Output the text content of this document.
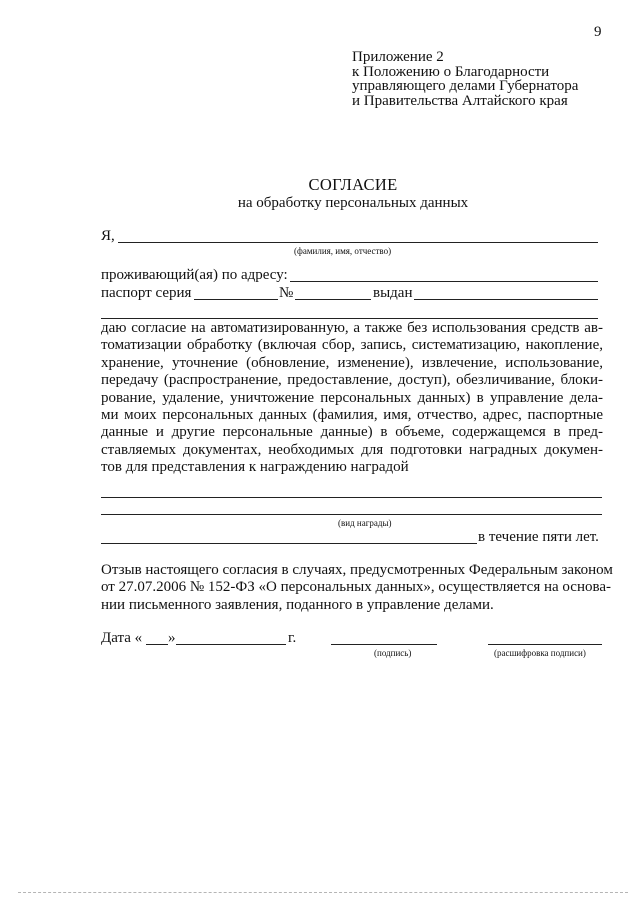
9
Приложение 2
к Положению о Благодарности
управляющего делами Губернатора
и Правительства Алтайского края
СОГЛАСИЕ
на обработку персональных данных
Я,
(фамилия, имя, отчество)
проживающий(ая) по адресу:
паспорт серия	№	выдан
даю согласие на автоматизированную, а также без использования средств ав-
томатизации обработку (включая сбор, запись, систематизацию, накопление,
хранение, уточнение (обновление, изменение), извлечение, использование,
передачу (распространение, предоставление, доступ), обезличивание, блоки-
рование, удаление, уничтожение персональных данных) в управление дела-
ми моих персональных данных (фамилия, имя, отчество, адрес, паспортные
данные и другие персональные данные) в объеме, содержащемся в пред-
ставляемых документах, необходимых для подготовки наградных докумен-
тов для представления к награждению наградой
(вид награды)
в течение пяти лет.
Отзыв настоящего согласия в случаях, предусмотренных Федеральным законом
от 27.07.2006 № 152-ФЗ «О персональных данных», осуществляется на основа-
нии письменного заявления, поданного в управление делами.
Дата « »	г.
(подпись)	(расшифровка подписи)
